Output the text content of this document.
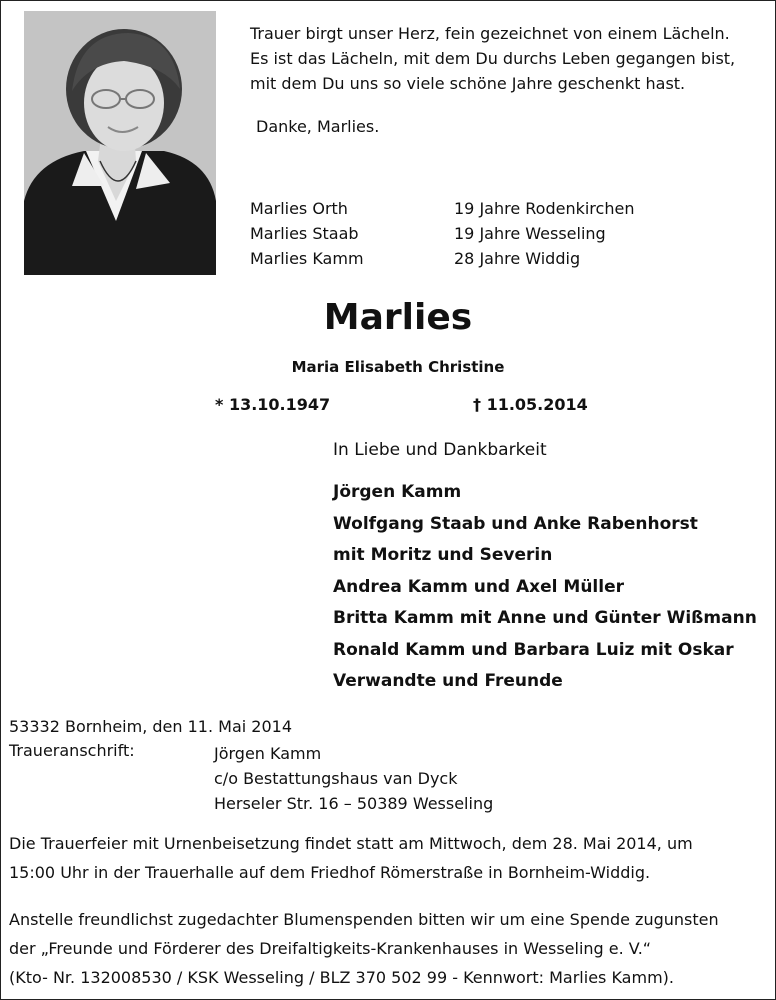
Trauer birgt unser Herz, fein gezeichnet von einem Lächeln.
Es ist das Lächeln, mit dem Du durchs Leben gegangen bist,
mit dem Du uns so viele schöne Jahre geschenkt hast.
Danke, Marlies.
Marlies Orth	19 Jahre Rodenkirchen
Marlies Staab	19 Jahre Wesseling
Marlies Kamm	28 Jahre Widdig
Marlies
Maria Elisabeth Christine
* 13.10.1947	† 11.05.2014
In Liebe und Dankbarkeit
Jörgen Kamm
Wolfgang Staab und Anke Rabenhorst
mit Moritz und Severin
Andrea Kamm und Axel Müller
Britta Kamm mit Anne und Günter Wißmann
Ronald Kamm und Barbara Luiz mit Oskar
Verwandte und Freunde
53332 Bornheim, den 11. Mai 2014
Traueranschrift:	Jörgen Kamm
c/o Bestattungshaus van Dyck
Herseler Str. 16 – 50389 Wesseling
Die Trauerfeier mit Urnenbeisetzung findet statt am Mittwoch, dem 28. Mai 2014, um
15:00 Uhr in der Trauerhalle auf dem Friedhof Römerstraße in Bornheim-Widdig.
Anstelle freundlichst zugedachter Blumenspenden bitten wir um eine Spende zugunsten
der „Freunde und Förderer des Dreifaltigkeits-Krankenhauses in Wesseling e. V.“
(Kto- Nr. 132008530 / KSK Wesseling / BLZ 370 502 99 - Kennwort: Marlies Kamm).
